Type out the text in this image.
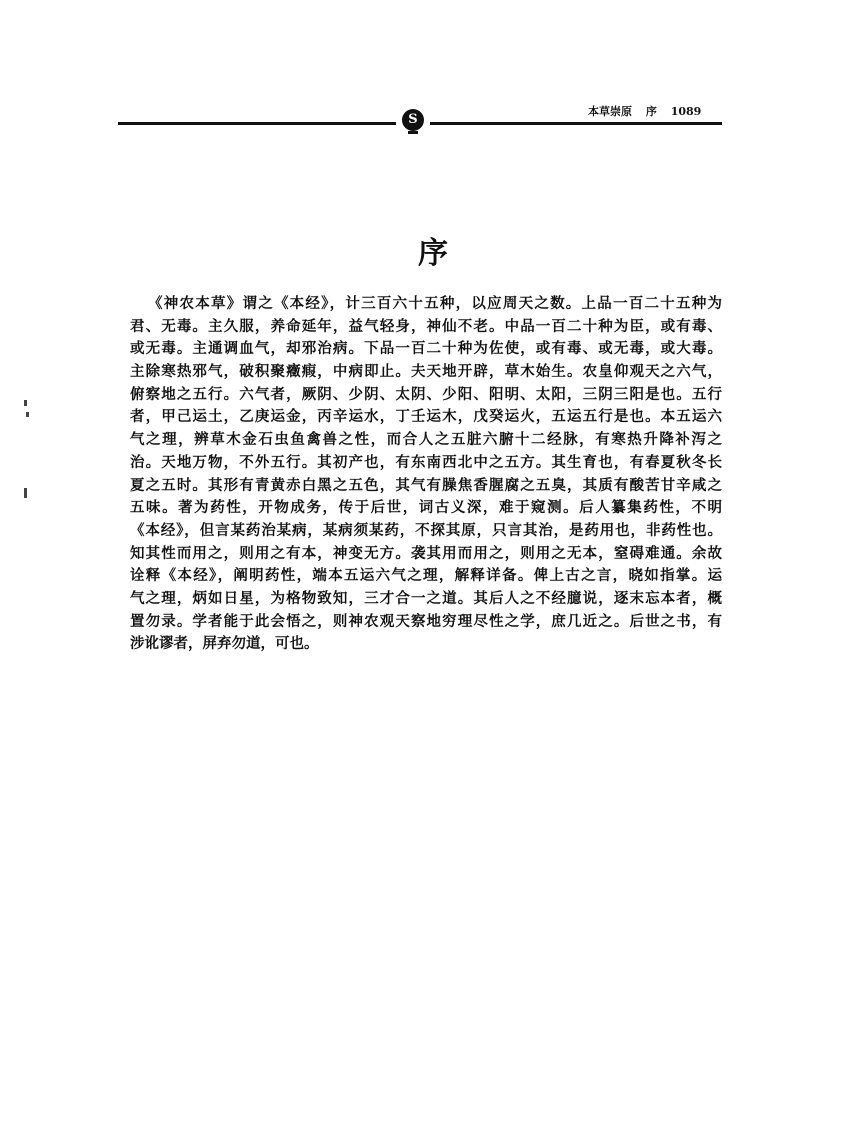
S
本草崇原 序 1089
序
《神农本草》谓之《本经》，计三百六十五种，以应周天之数。上品一百二十五种为
君、无毒。主久服，养命延年，益气轻身，神仙不老。中品一百二十种为臣，或有毒、
或无毒。主通调血气，却邪治病。下品一百二十种为佐使，或有毒、或无毒，或大毒。
主除寒热邪气，破积聚癥瘕，中病即止。夫天地开辟，草木始生。农皇仰观天之六气，
俯察地之五行。六气者，厥阴、少阴、太阴、少阳、阳明、太阳，三阴三阳是也。五行
者，甲己运土，乙庚运金，丙辛运水，丁壬运木，戊癸运火，五运五行是也。本五运六
气之理，辨草木金石虫鱼禽兽之性，而合人之五脏六腑十二经脉，有寒热升降补泻之
治。天地万物，不外五行。其初产也，有东南西北中之五方。其生育也，有春夏秋冬长
夏之五时。其形有青黄赤白黑之五色，其气有臊焦香腥腐之五臭，其质有酸苦甘辛咸之
五味。著为药性，开物成务，传于后世，词古义深，难于窥测。后人纂集药性，不明
《本经》，但言某药治某病，某病须某药，不探其原，只言其治，是药用也，非药性也。
知其性而用之，则用之有本，神变无方。袭其用而用之，则用之无本，窒碍难通。余故
诠释《本经》，阐明药性，端本五运六气之理，解释详备。俾上古之言，晓如指掌。运
气之理，炳如日星，为格物致知，三才合一之道。其后人之不经臆说，逐末忘本者，概
置勿录。学者能于此会悟之，则神农观天察地穷理尽性之学，庶几近之。后世之书，有
涉讹谬者，屏弃勿道，可也。
